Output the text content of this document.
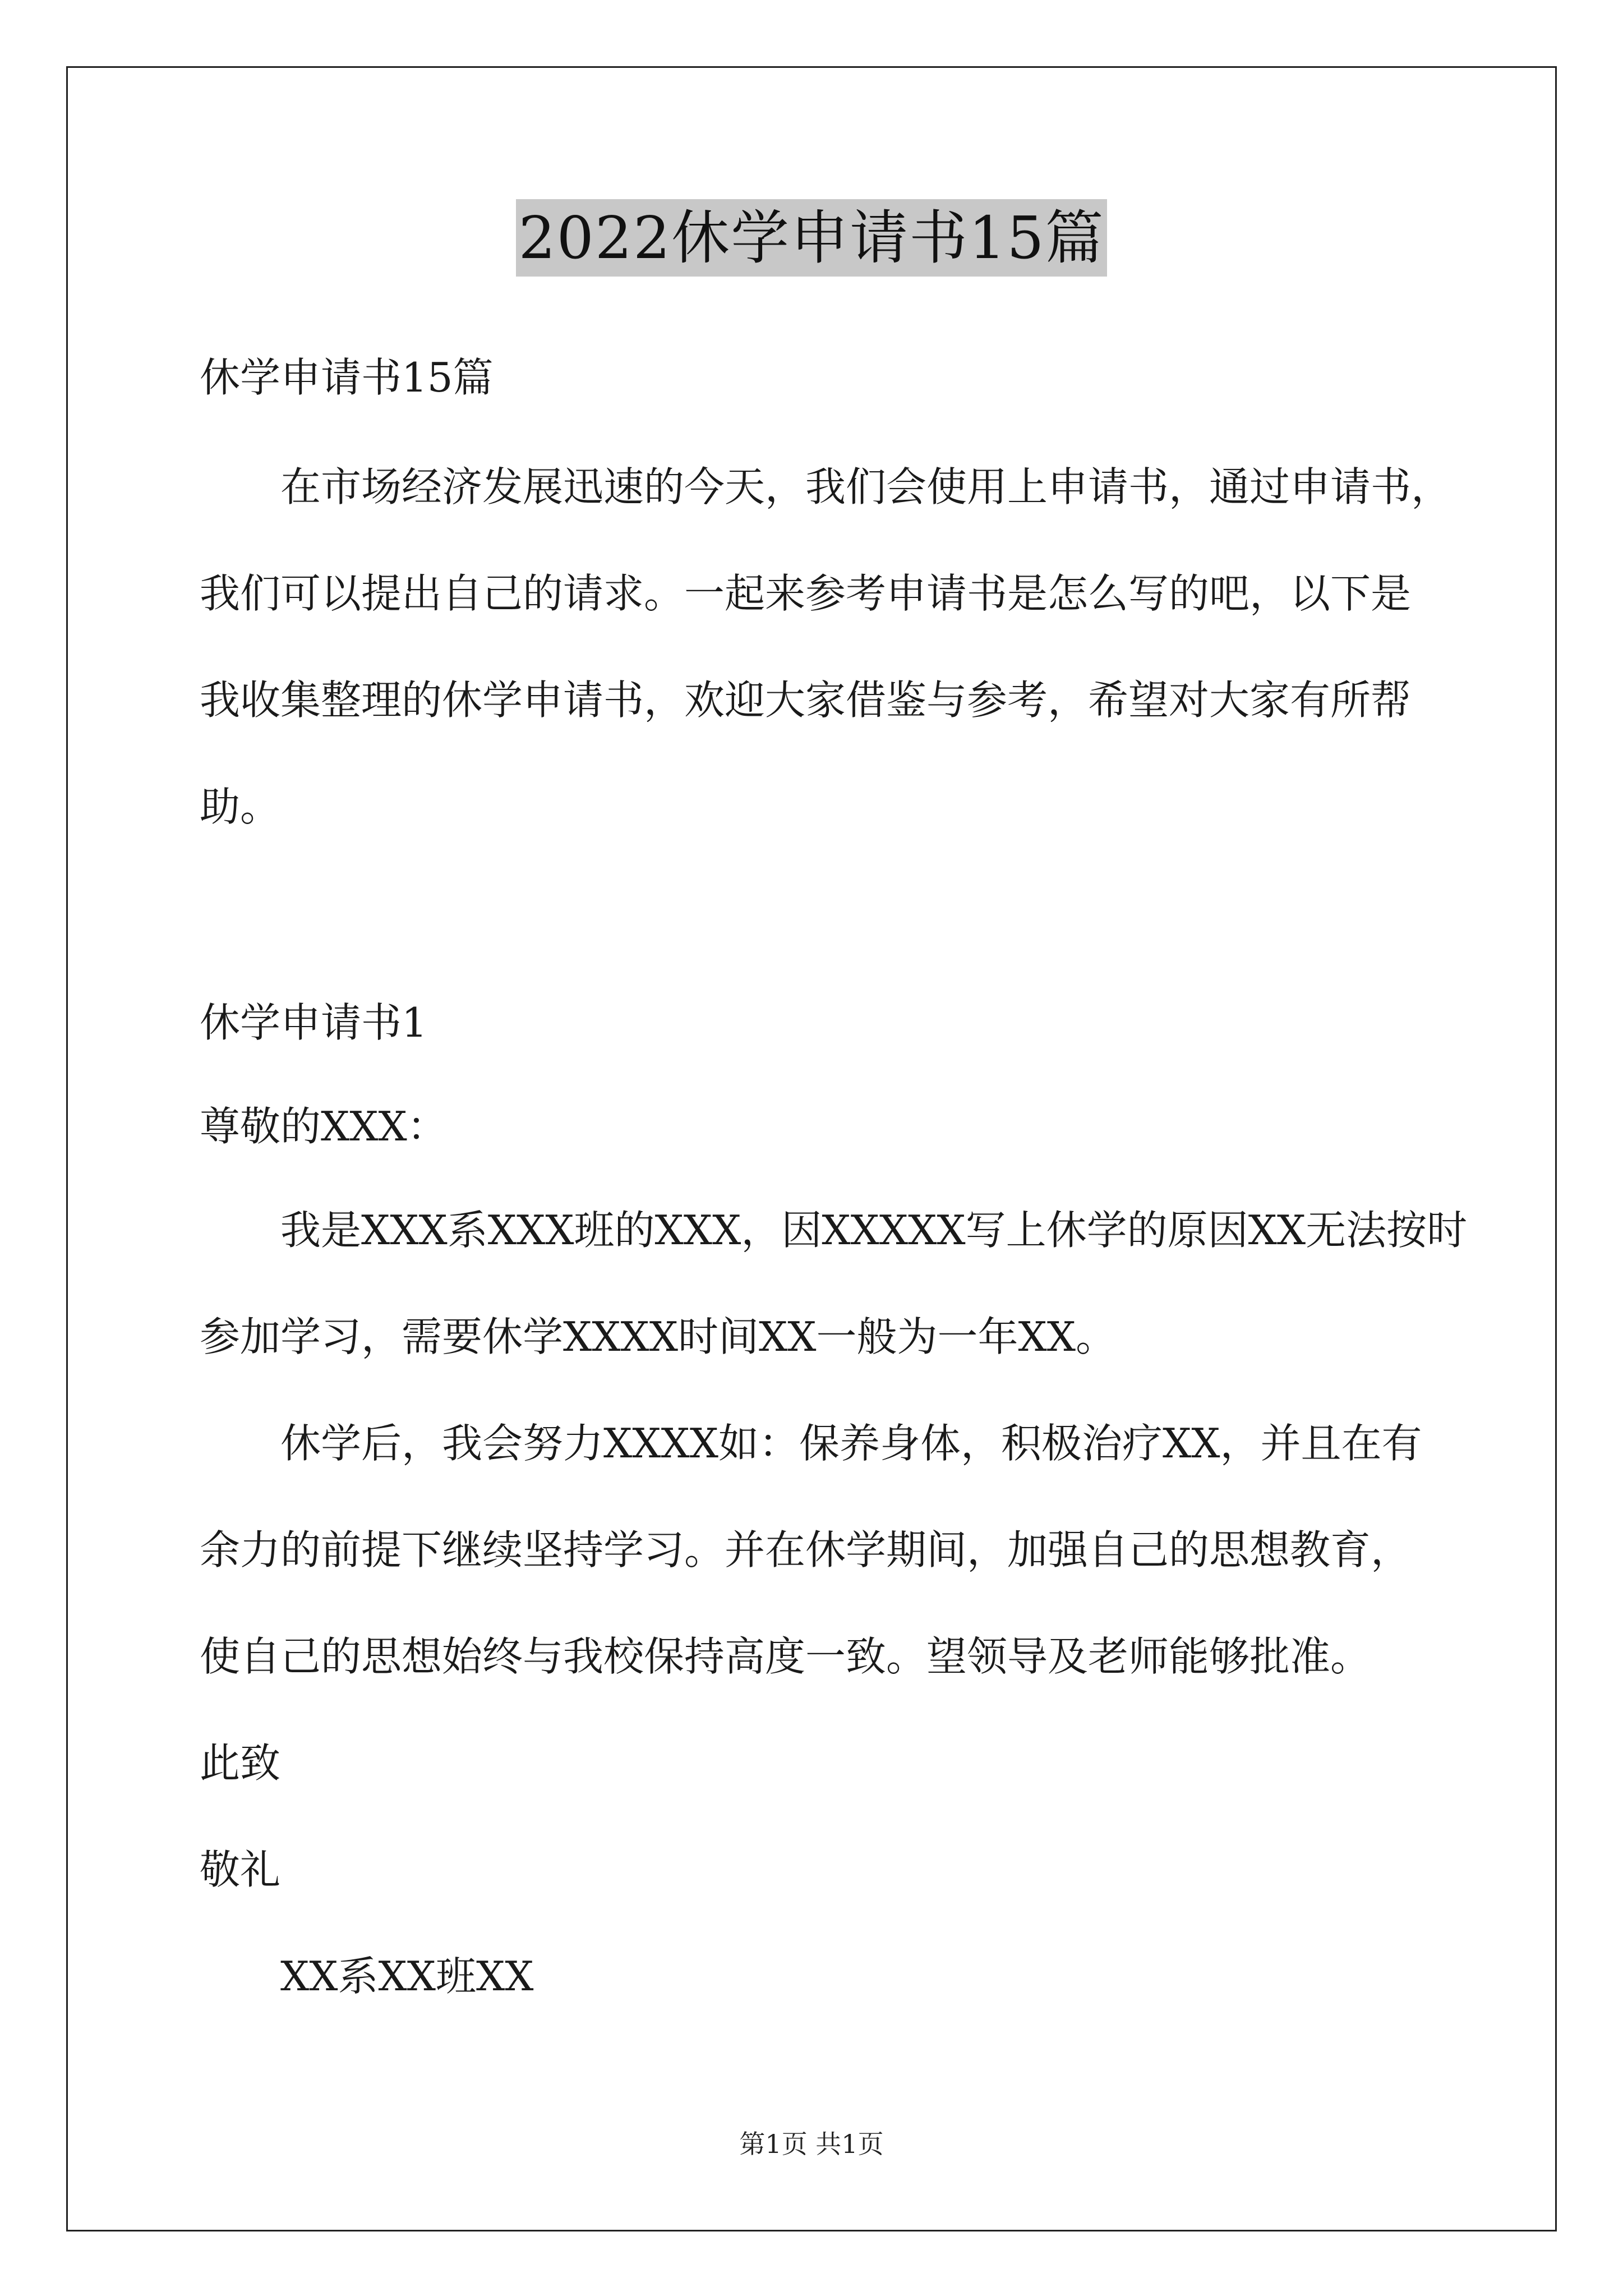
2022休学申请书15篇
休学申请书15篇
在市场经济发展迅速的今天，我们会使用上申请书，通过申请书，
我们可以提出自己的请求。一起来参考申请书是怎么写的吧，以下是
我收集整理的休学申请书，欢迎大家借鉴与参考，希望对大家有所帮
助。
休学申请书1
尊敬的XXX：
我是XXX系XXX班的XXX，因XXXXX写上休学的原因XX无法按时
参加学习，需要休学XXXX时间XX一般为一年XX。
休学后，我会努力XXXX如：保养身体，积极治疗XX，并且在有
余力的前提下继续坚持学习。并在休学期间，加强自己的思想教育，
使自己的思想始终与我校保持高度一致。望领导及老师能够批准。
此致
敬礼
XX系XX班XX
第1页 共1页
